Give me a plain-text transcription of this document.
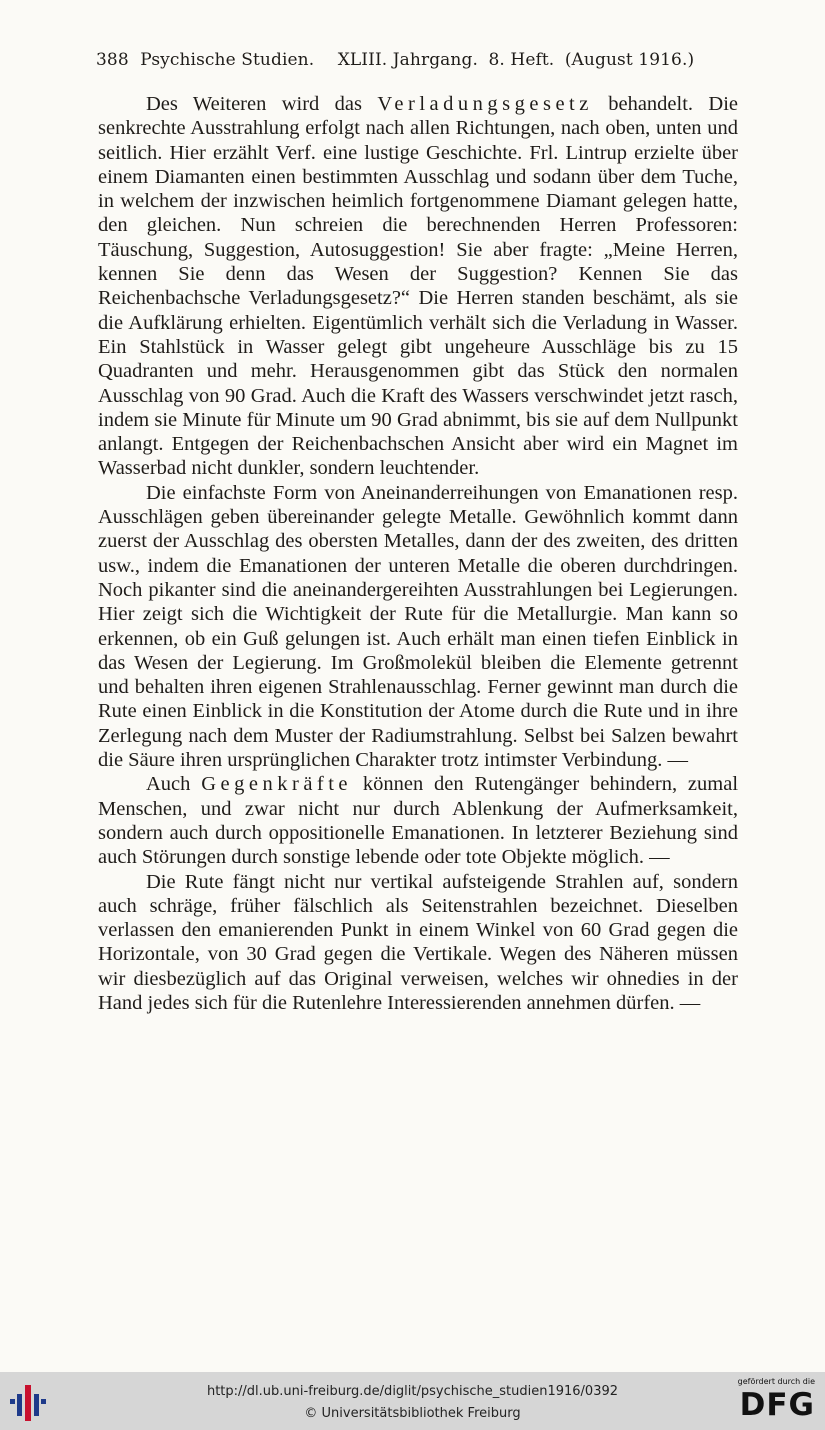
388 Psychische Studien. XLIII. Jahrgang. 8. Heft. (August 1916.)

Des Weiteren wird das Verladungsgesetz behandelt. Die senkrechte Ausstrahlung erfolgt nach allen Richtungen, nach oben, unten und seitlich. Hier erzählt Verf. eine lustige Geschichte. Frl. Lintrup erzielte über einem Diamanten einen bestimmten Ausschlag und sodann über dem Tuche, in welchem der inzwischen heimlich fortgenommene Diamant gelegen hatte, den gleichen. Nun schreien die berechnenden Herren Professoren: Täuschung, Suggestion, Autosuggestion! Sie aber fragte: „Meine Herren, kennen Sie denn das Wesen der Suggestion? Kennen Sie das Reichenbachsche Verladungsgesetz?“ Die Herren standen beschämt, als sie die Aufklärung erhielten. Eigentümlich verhält sich die Verladung in Wasser. Ein Stahlstück in Wasser gelegt gibt ungeheure Ausschläge bis zu 15 Quadranten und mehr. Herausgenommen gibt das Stück den normalen Ausschlag von 90 Grad. Auch die Kraft des Wassers verschwindet jetzt rasch, indem sie Minute für Minute um 90 Grad abnimmt, bis sie auf dem Nullpunkt anlangt. Entgegen der Reichenbachschen Ansicht aber wird ein Magnet im Wasserbad nicht dunkler, sondern leuchtender.

Die einfachste Form von Aneinanderreihungen von Emanationen resp. Ausschlägen geben übereinander gelegte Metalle. Gewöhnlich kommt dann zuerst der Ausschlag des obersten Metalles, dann der des zweiten, des dritten usw., indem die Emanationen der unteren Metalle die oberen durchdringen. Noch pikanter sind die aneinandergereihten Ausstrahlungen bei Legierungen. Hier zeigt sich die Wichtigkeit der Rute für die Metallurgie. Man kann so erkennen, ob ein Guß gelungen ist. Auch erhält man einen tiefen Einblick in das Wesen der Legierung. Im Großmolekül bleiben die Elemente getrennt und behalten ihren eigenen Strahlenausschlag. Ferner gewinnt man durch die Rute einen Einblick in die Konstitution der Atome durch die Rute und in ihre Zerlegung nach dem Muster der Radiumstrahlung. Selbst bei Salzen bewahrt die Säure ihren ursprünglichen Charakter trotz intimster Verbindung. —

Auch Gegenkräfte können den Rutengänger behindern, zumal Menschen, und zwar nicht nur durch Ablenkung der Aufmerksamkeit, sondern auch durch oppositionelle Emanationen. In letzterer Beziehung sind auch Störungen durch sonstige lebende oder tote Objekte möglich. —

Die Rute fängt nicht nur vertikal aufsteigende Strahlen auf, sondern auch schräge, früher fälschlich als Seitenstrahlen bezeichnet. Dieselben verlassen den emanierenden Punkt in einem Winkel von 60 Grad gegen die Horizontale, von 30 Grad gegen die Vertikale. Wegen des Näheren müssen wir diesbezüglich auf das Original verweisen, welches wir ohnedies in der Hand jedes sich für die Rutenlehre Interessierenden annehmen dürfen. —

http://dl.ub.uni-freiburg.de/diglit/psychische_studien1916/0392
© Universitätsbibliothek Freiburg
gefördert durch die
DFG
